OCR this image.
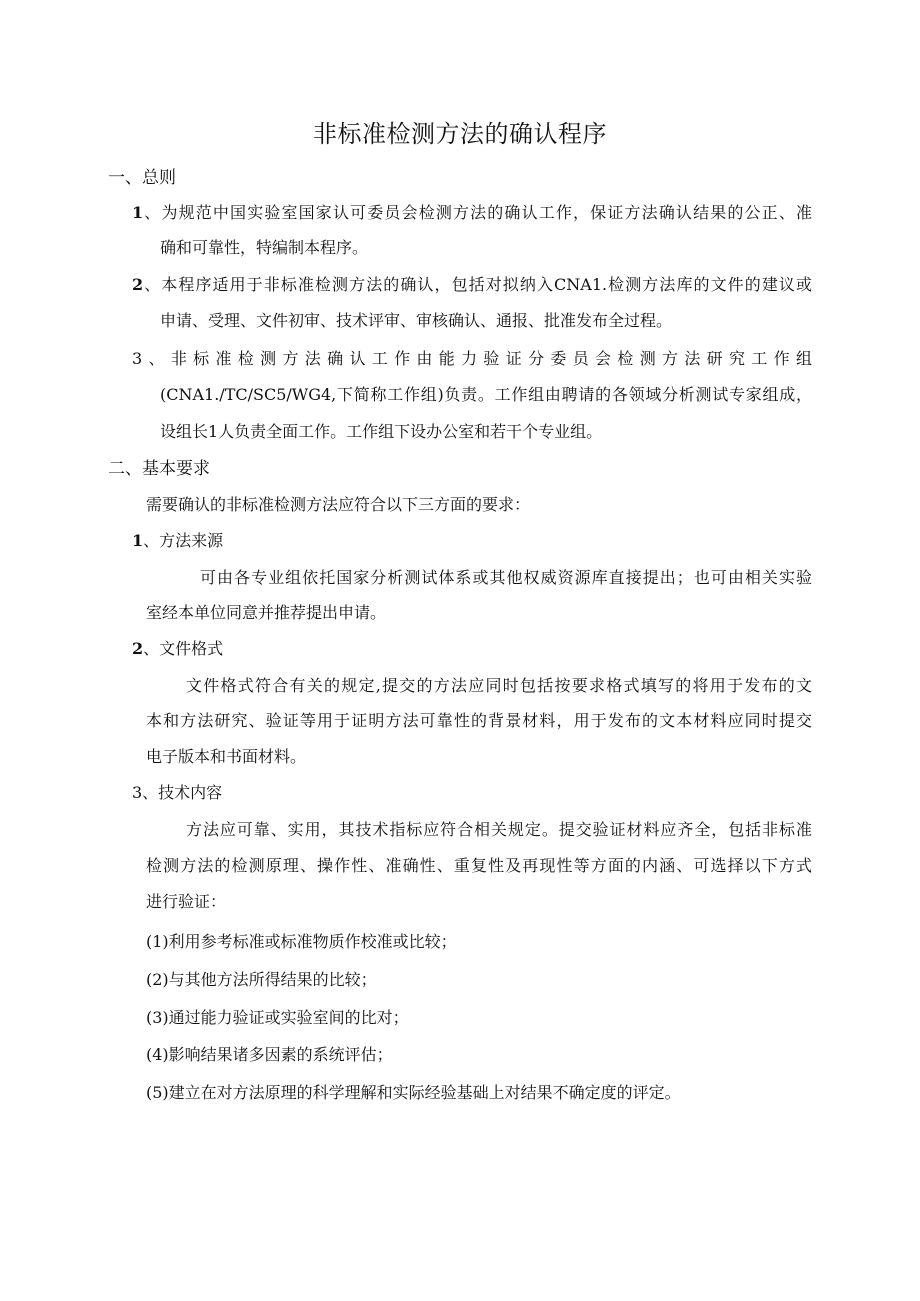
非标准检测方法的确认程序
一、总则
1、为规范中国实验室国家认可委员会检测方法的确认工作，保证方法确认结果的公正、准
确和可靠性，特编制本程序。
2、本程序适用于非标准检测方法的确认，包括对拟纳入CNA1.检测方法库的文件的建议或
申请、受理、文件初审、技术评审、审核确认、通报、批准发布全过程。
3、非标准检测方法确认工作由能力验证分委员会检测方法研究工作组
(CNA1./TC/SC5/WG4,下简称工作组)负责。工作组由聘请的各领域分析测试专家组成，
设组长1人负责全面工作。工作组下设办公室和若干个专业组。
二、基本要求
需要确认的非标准检测方法应符合以下三方面的要求：
1、方法来源
可由各专业组依托国家分析测试体系或其他权威资源库直接提出；也可由相关实验
室经本单位同意并推荐提出申请。
2、文件格式
文件格式符合有关的规定,提交的方法应同时包括按要求格式填写的将用于发布的文
本和方法研究、验证等用于证明方法可靠性的背景材料，用于发布的文本材料应同时提交
电子版本和书面材料。
3、技术内容
方法应可靠、实用，其技术指标应符合相关规定。提交验证材料应齐全，包括非标准
检测方法的检测原理、操作性、准确性、重复性及再现性等方面的内涵、可选择以下方式
进行验证：
(1)利用参考标准或标准物质作校准或比较；
(2)与其他方法所得结果的比较；
(3)通过能力验证或实验室间的比对；
(4)影响结果诸多因素的系统评估；
(5)建立在对方法原理的科学理解和实际经验基础上对结果不确定度的评定。
